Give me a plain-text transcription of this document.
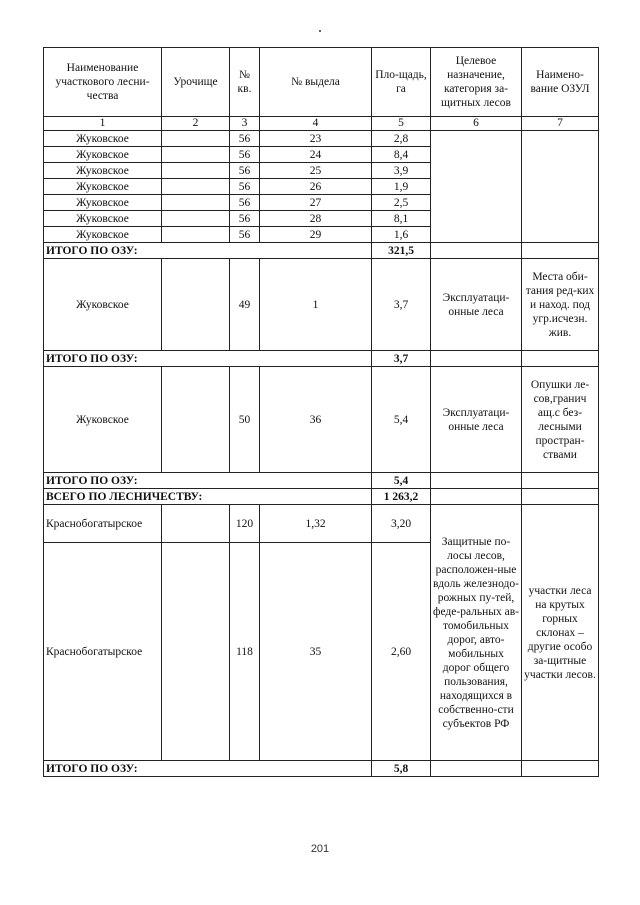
Наименование участкового лесни-чества	Урочище	№ кв.	№ выдела	Пло-щадь, га	Целевое назначение, категория за-щитных лесов	Наимено-вание ОЗУЛ
1	2	3	4	5	6	7
Жуковское		56	23	2,8		
Жуковское		56	24	8,4		
Жуковское		56	25	3,9		
Жуковское		56	26	1,9		
Жуковское		56	27	2,5		
Жуковское		56	28	8,1		
Жуковское		56	29	1,6		
ИТОГО ПО ОЗУ:				321,5		
Жуковское		49	1	3,7	Эксплуатаци-онные леса	Места оби-тания ред-ких и наход. под угр.исчезн. жив.
ИТОГО ПО ОЗУ:				3,7		
Жуковское		50	36	5,4	Эксплуатаци-онные леса	Опушки ле-сов,гранич ащ.с без-лесными простран-ствами
ИТОГО ПО ОЗУ:				5,4		
ВСЕГО ПО ЛЕСНИЧЕСТВУ:				1 263,2		
Краснобогатырское		120	1,32	3,20	Защитные по-лосы лесов, расположен-ные вдоль железнодо-рожных пу-тей, феде-ральных ав-томобильных дорог, авто-мобильных дорог общего пользования, находящихся в собственно-сти субъектов РФ	участки леса на крутых горных склонах – другие особо за-щитные участки лесов.
Краснобогатырское		118	35	2,60		
ИТОГО ПО ОЗУ:				5,8		
201
